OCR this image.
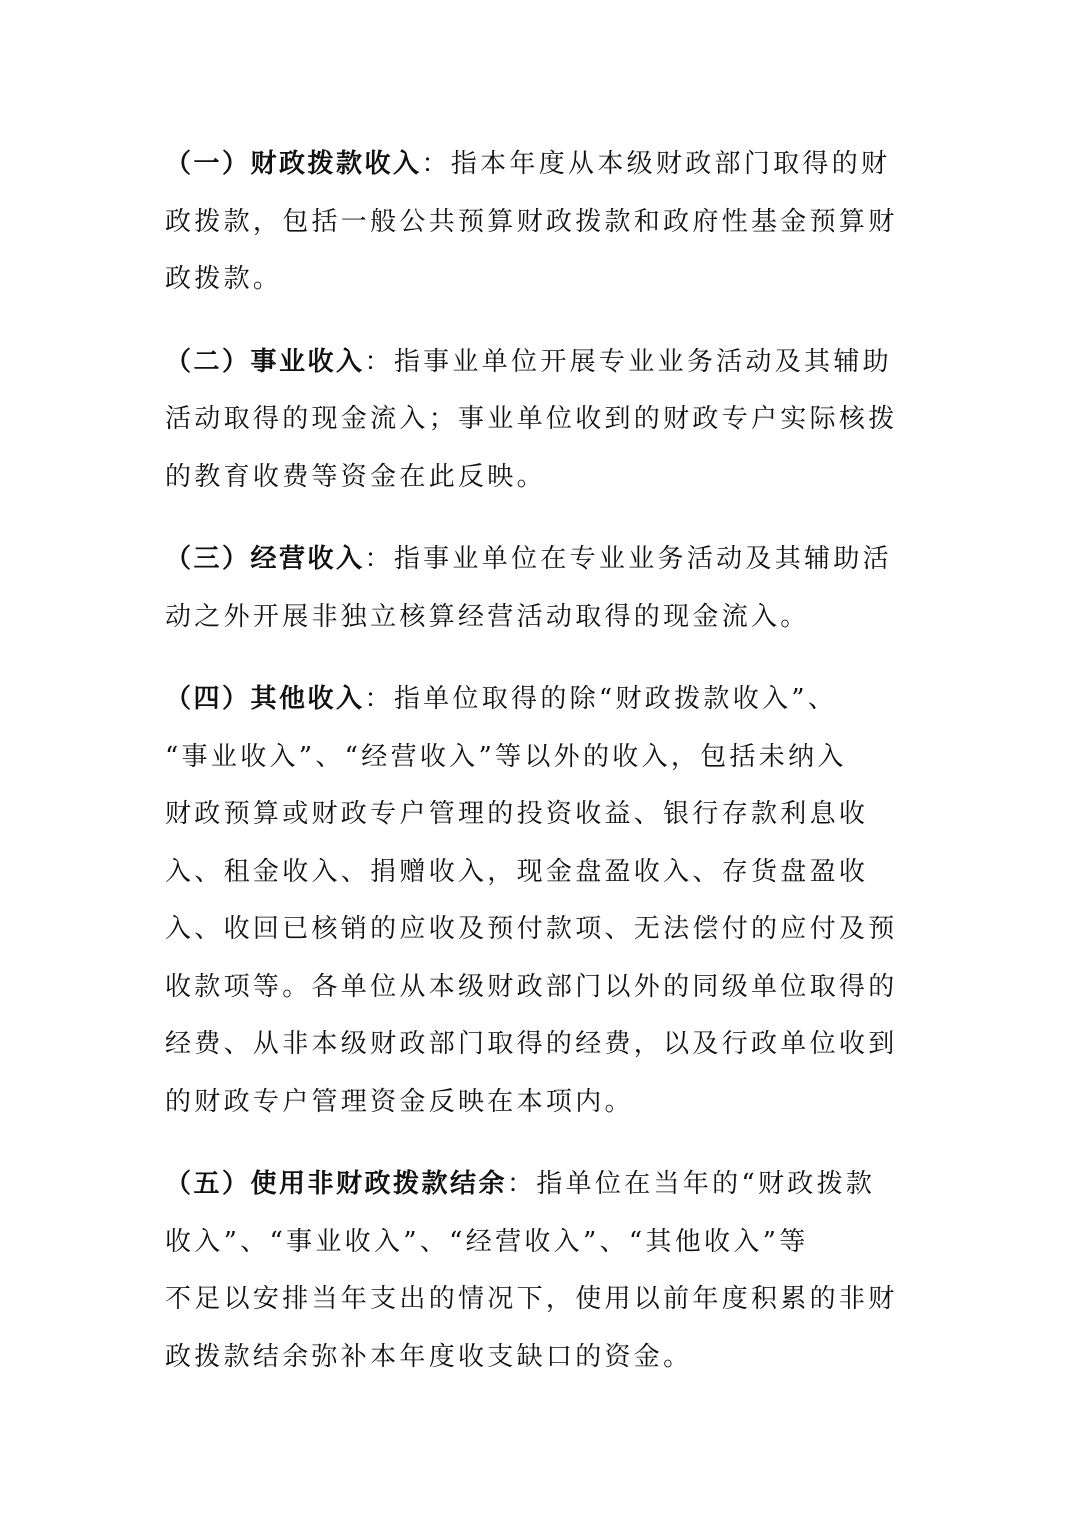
（一）财政拨款收入：指本年度从本级财政部门取得的财
政拨款，包括一般公共预算财政拨款和政府性基金预算财
政拨款。

（二）事业收入：指事业单位开展专业业务活动及其辅助
活动取得的现金流入；事业单位收到的财政专户实际核拨
的教育收费等资金在此反映。

（三）经营收入：指事业单位在专业业务活动及其辅助活
动之外开展非独立核算经营活动取得的现金流入。

（四）其他收入：指单位取得的除“财政拨款收入”、
“事业收入”、“经营收入”等以外的收入，包括未纳入
财政预算或财政专户管理的投资收益、银行存款利息收
入、租金收入、捐赠收入，现金盘盈收入、存货盘盈收
入、收回已核销的应收及预付款项、无法偿付的应付及预
收款项等。各单位从本级财政部门以外的同级单位取得的
经费、从非本级财政部门取得的经费，以及行政单位收到
的财政专户管理资金反映在本项内。

（五）使用非财政拨款结余：指单位在当年的“财政拨款
收入”、“事业收入”、“经营收入”、“其他收入”等
不足以安排当年支出的情况下，使用以前年度积累的非财
政拨款结余弥补本年度收支缺口的资金。
